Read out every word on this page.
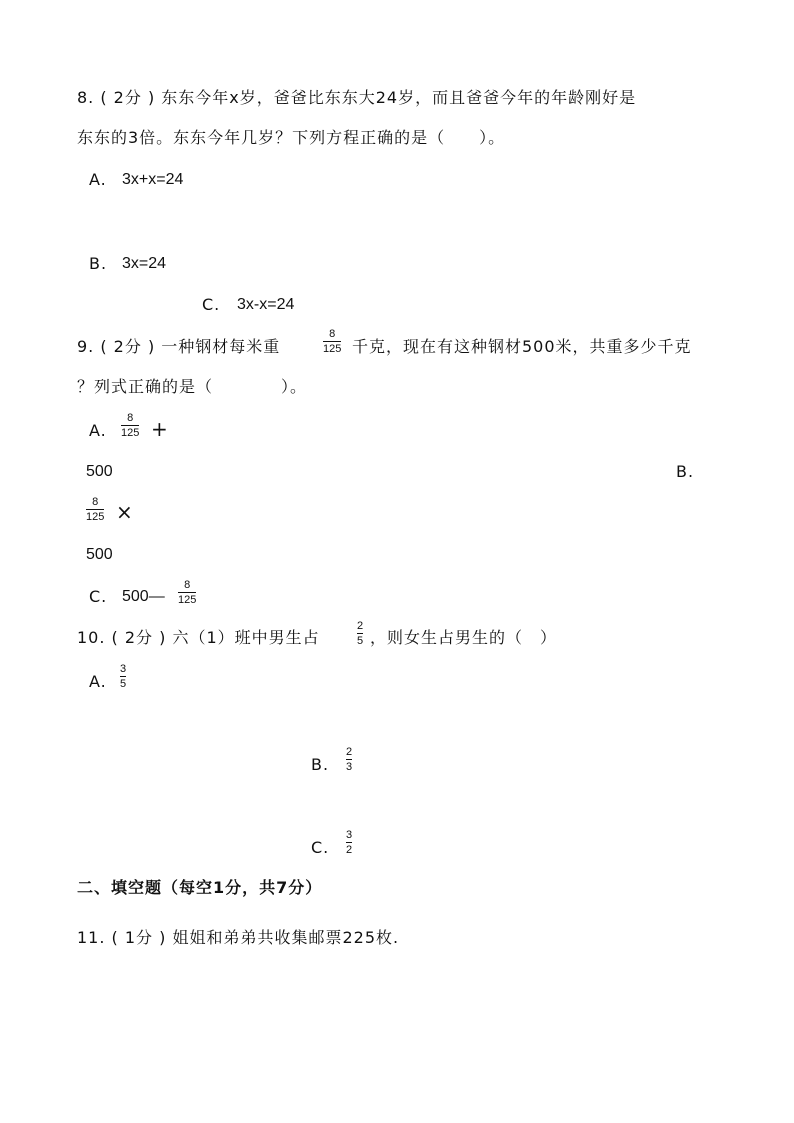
8. ( 2分 ) 东东今年x岁，爸爸比东东大24岁，而且爸爸今年的年龄刚好是
东东的3倍。东东今年几岁？下列方程正确的是（　　）。
A. 3x+x=24
B. 3x=24
C. 3x-x=24
9. ( 2分 ) 一种钢材每米重
8
125 千克，现在有这种钢材500米，共重多少千克
？列式正确的是（　　　　）。
A.
8
125 +
500	B.
8
125 ×
500
C. 500—
8
125
10. ( 2分 ) 六（1）班中男生占
2
5 ，则女生占男生的（　）
A.
3
5
B.
2
3
C.
3
2
二、填空题（每空1分，共7分）
11. ( 1分 ) 姐姐和弟弟共收集邮票225枚.
